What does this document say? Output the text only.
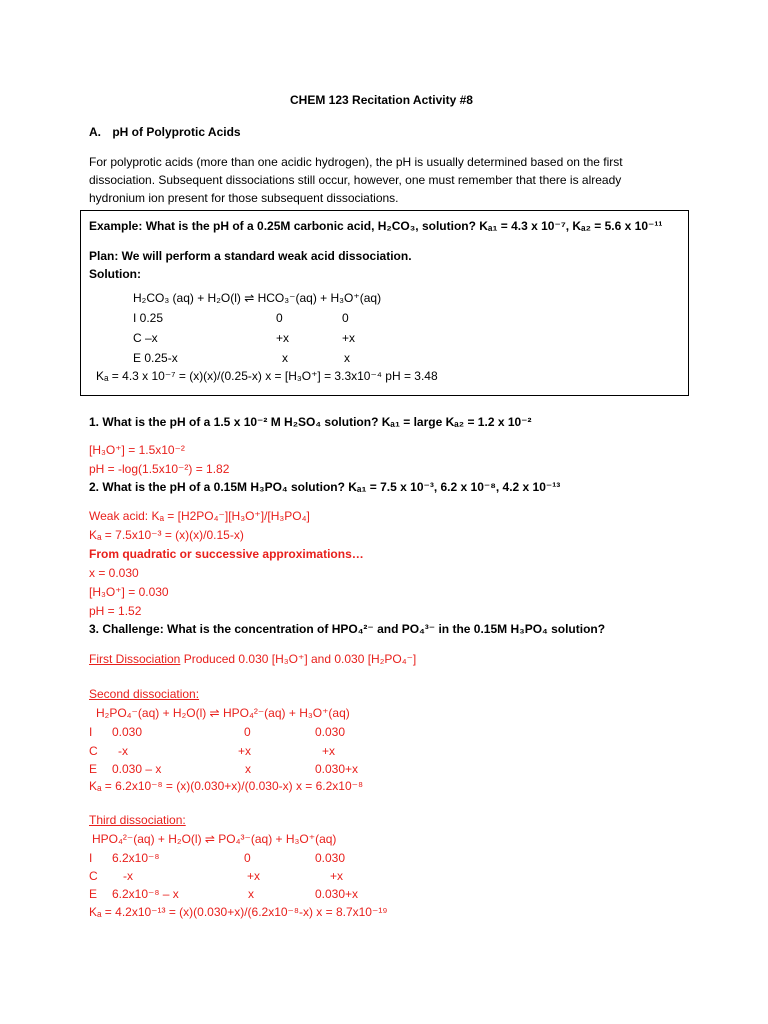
CHEM 123 Recitation Activity #8
A. pH of Polyprotic Acids
For polyprotic acids (more than one acidic hydrogen), the pH is usually determined based on the first
dissociation. Subsequent dissociations still occur, however, one must remember that there is already
hydronium ion present for those subsequent dissociations.
Example: What is the pH of a 0.25M carbonic acid, H₂CO₃, solution? Kₐ₁ = 4.3 x 10⁻⁷, Kₐ₂ = 5.6 x 10⁻¹¹
Plan: We will perform a standard weak acid dissociation.
Solution:
H₂CO₃ (aq) + H₂O(l) ⇌ HCO₃⁻(aq) + H₃O⁺(aq)
I 0.25	0	0
C –x	+x	+x
E 0.25-x	x	x
Kₐ = 4.3 x 10⁻⁷ = (x)(x)/(0.25-x) x = [H₃O⁺] = 3.3x10⁻⁴ pH = 3.48
1. What is the pH of a 1.5 x 10⁻² M H₂SO₄ solution? Kₐ₁ = large Kₐ₂ = 1.2 x 10⁻²
[H₃O⁺] = 1.5x10⁻²
pH = -log(1.5x10⁻²) = 1.82
2. What is the pH of a 0.15M H₃PO₄ solution? Kₐ₁ = 7.5 x 10⁻³, 6.2 x 10⁻⁸, 4.2 x 10⁻¹³
Weak acid: Kₐ = [H2PO₄⁻][H₃O⁺]/[H₃PO₄]
Kₐ = 7.5x10⁻³ = (x)(x)/0.15-x)
From quadratic or successive approximations…
x = 0.030
[H₃O⁺] = 0.030
pH = 1.52
3. Challenge: What is the concentration of HPO₄²⁻ and PO₄³⁻ in the 0.15M H₃PO₄ solution?
First Dissociation Produced 0.030 [H₃O⁺] and 0.030 [H₂PO₄⁻]
Second dissociation:
H₂PO₄⁻(aq) + H₂O(l) ⇌ HPO₄²⁻(aq) + H₃O⁺(aq)
I 0.030	0	0.030
C -x	+x	+x
E 0.030 – x	x	0.030+x
Kₐ = 6.2x10⁻⁸ = (x)(0.030+x)/(0.030-x) x = 6.2x10⁻⁸
Third dissociation:
HPO₄²⁻(aq) + H₂O(l) ⇌ PO₄³⁻(aq) + H₃O⁺(aq)
I 6.2x10⁻⁸	0	0.030
C -x	+x	+x
E 6.2x10⁻⁸ – x	x	0.030+x
Kₐ = 4.2x10⁻¹³ = (x)(0.030+x)/(6.2x10⁻⁸-x) x = 8.7x10⁻¹⁹
